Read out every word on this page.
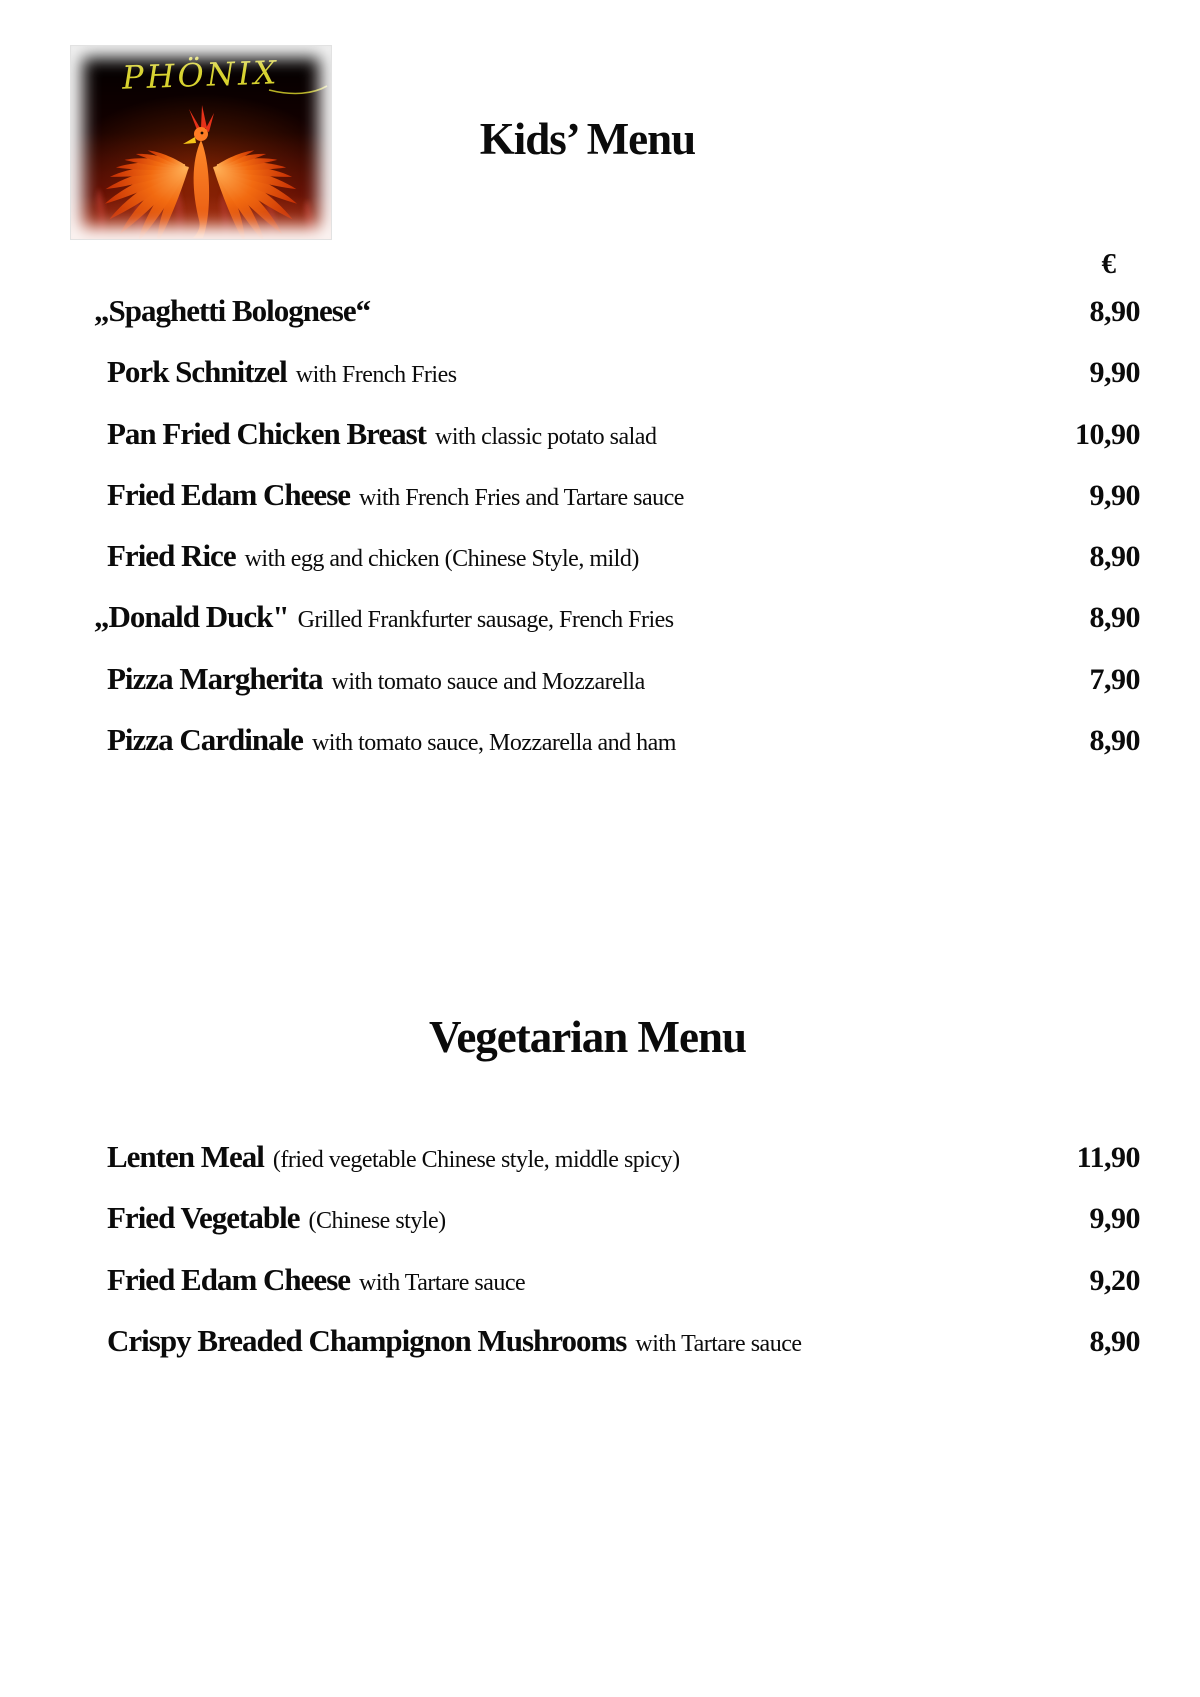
PHÖNIX
€
Kids’ Menu
„Spaghetti Bolognese“	8,90
Pork Schnitzel with French Fries	9,90
Pan Fried Chicken Breast with classic potato salad	10,90
Fried Edam Cheese with French Fries and Tartare sauce	9,90
Fried Rice with egg and chicken (Chinese Style, mild)	8,90
„Donald Duck" Grilled Frankfurter sausage, French Fries	8,90
Pizza Margherita with tomato sauce and Mozzarella	7,90
Pizza Cardinale with tomato sauce, Mozzarella and ham	8,90
Vegetarian Menu
Lenten Meal (fried vegetable Chinese style, middle spicy)	11,90
Fried Vegetable (Chinese style)	9,90
Fried Edam Cheese with Tartare sauce	9,20
Crispy Breaded Champignon Mushrooms with Tartare sauce	8,90
